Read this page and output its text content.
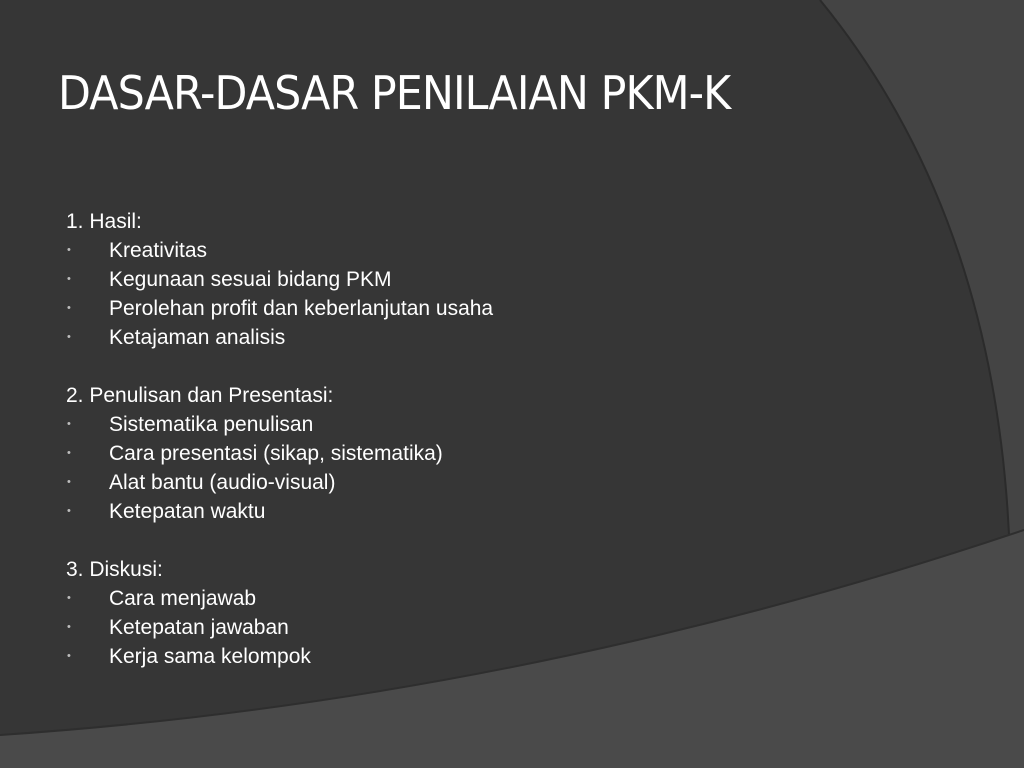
DASAR-DASAR PENILAIAN PKM-K
1. Hasil:
• Kreativitas
• Kegunaan sesuai bidang PKM
• Perolehan profit dan keberlanjutan usaha
• Ketajaman analisis
2. Penulisan dan Presentasi:
• Sistematika penulisan
• Cara presentasi (sikap, sistematika)
• Alat bantu (audio-visual)
• Ketepatan waktu
3. Diskusi:
• Cara menjawab
• Ketepatan jawaban
• Kerja sama kelompok
